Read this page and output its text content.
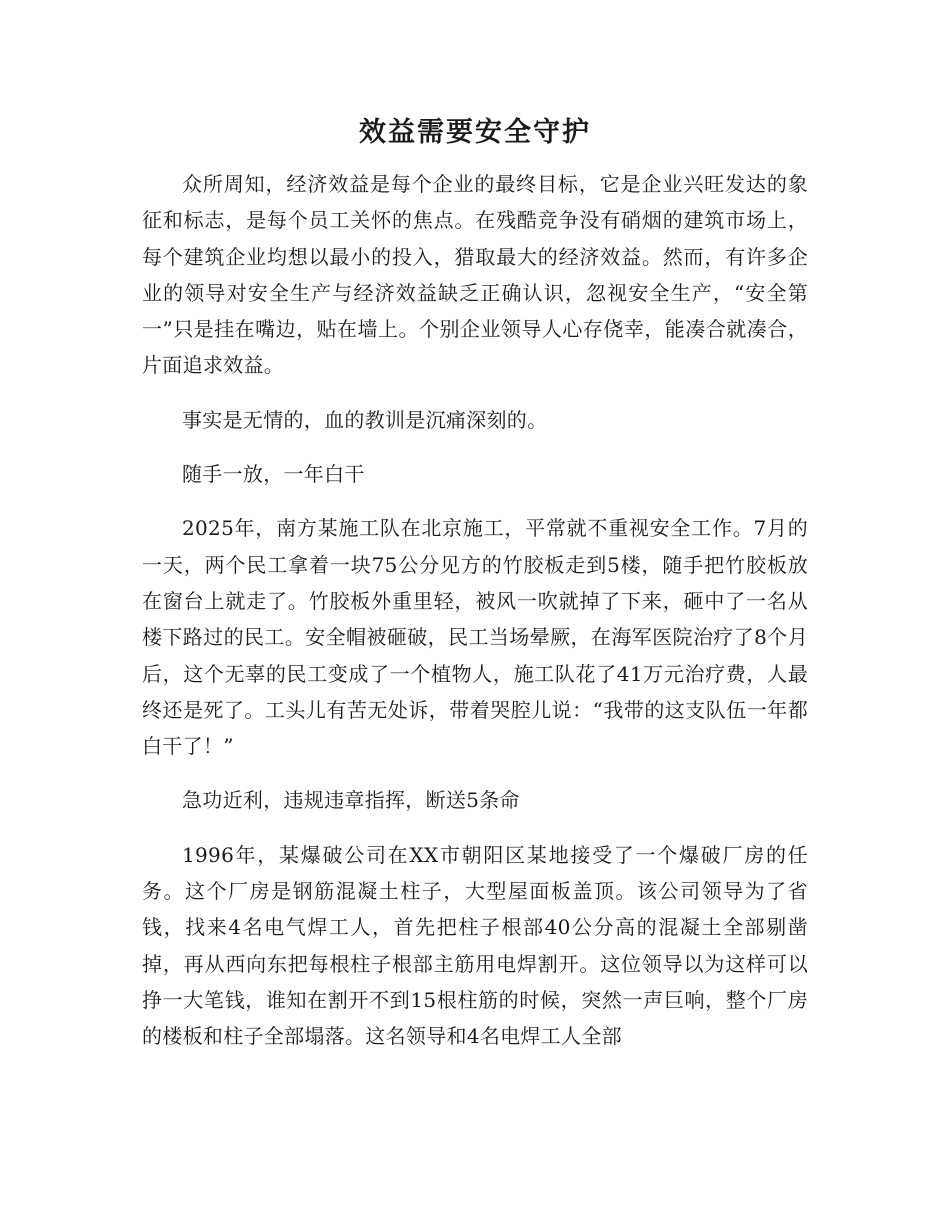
效益需要安全守护

众所周知，经济效益是每个企业的最终目标，它是企业兴旺发达的象征和标志，是每个员工关怀的焦点。在残酷竞争没有硝烟的建筑市场上，每个建筑企业均想以最小的投入，猎取最大的经济效益。然而，有许多企业的领导对安全生产与经济效益缺乏正确认识，忽视安全生产，“安全第一”只是挂在嘴边，贴在墙上。个别企业领导人心存侥幸，能凑合就凑合，片面追求效益。

事实是无情的，血的教训是沉痛深刻的。

随手一放，一年白干

2025年，南方某施工队在北京施工，平常就不重视安全工作。7月的一天，两个民工拿着一块75公分见方的竹胶板走到5楼，随手把竹胶板放在窗台上就走了。竹胶板外重里轻，被风一吹就掉了下来，砸中了一名从楼下路过的民工。安全帽被砸破，民工当场晕厥，在海军医院治疗了8个月后，这个无辜的民工变成了一个植物人，施工队花了41万元治疗费，人最终还是死了。工头儿有苦无处诉，带着哭腔儿说：“我带的这支队伍一年都白干了！”

急功近利，违规违章指挥，断送5条命

1996年，某爆破公司在XX市朝阳区某地接受了一个爆破厂房的任务。这个厂房是钢筋混凝土柱子，大型屋面板盖顶。该公司领导为了省钱，找来4名电气焊工人，首先把柱子根部40公分高的混凝土全部剔凿掉，再从西向东把每根柱子根部主筋用电焊割开。这位领导以为这样可以挣一大笔钱，谁知在割开不到15根柱筋的时候，突然一声巨响，整个厂房的楼板和柱子全部塌落。这名领导和4名电焊工人全部
